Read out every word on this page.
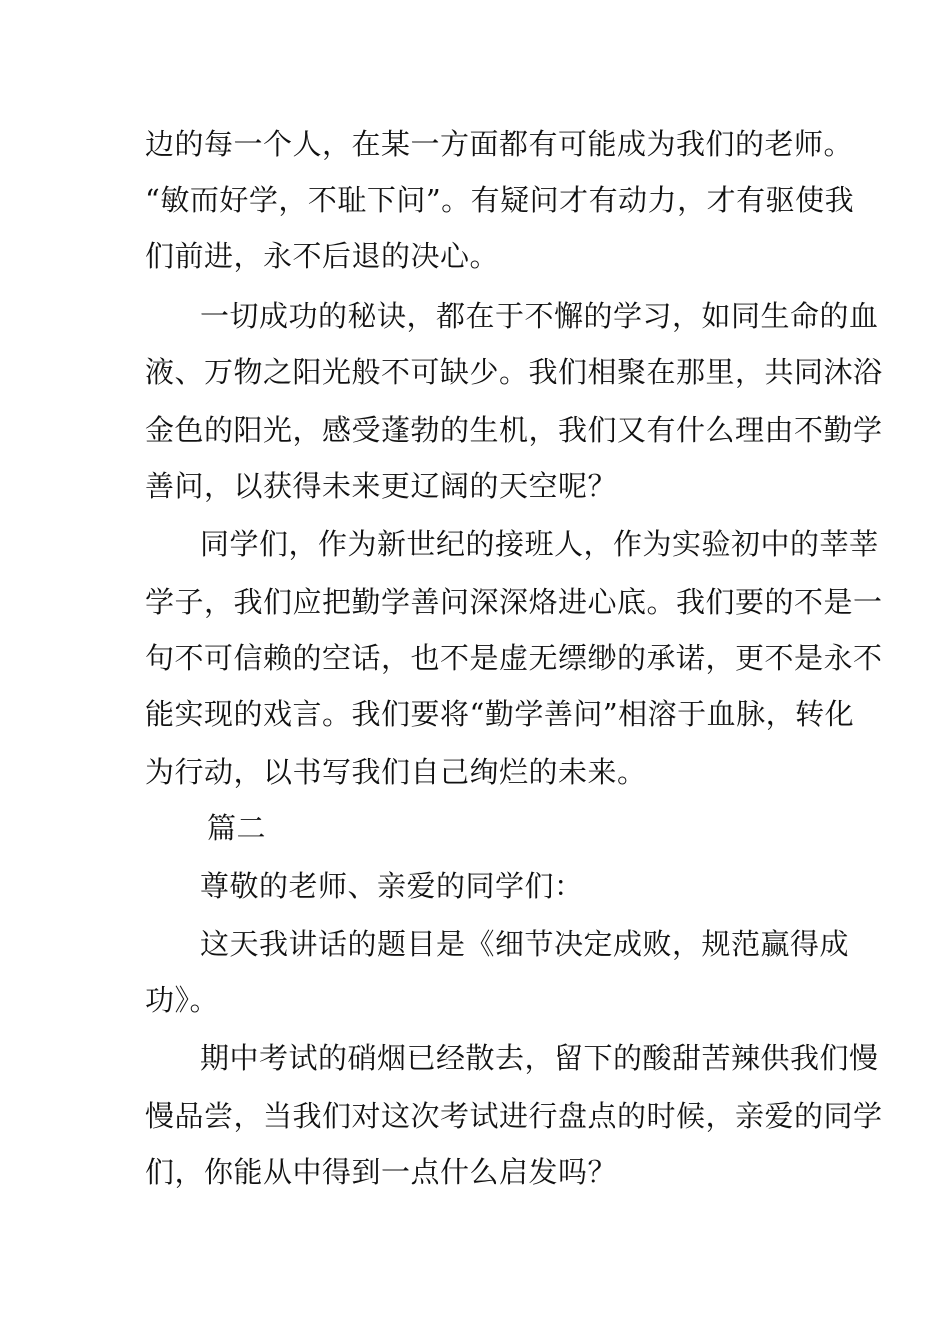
边的每一个人，在某一方面都有可能成为我们的老师。
“敏而好学，不耻下问”。有疑问才有动力，才有驱使我
们前进，永不后退的决心。
一切成功的秘诀，都在于不懈的学习，如同生命的血
液、万物之阳光般不可缺少。我们相聚在那里，共同沐浴
金色的阳光，感受蓬勃的生机，我们又有什么理由不勤学
善问，以获得未来更辽阔的天空呢？
同学们，作为新世纪的接班人，作为实验初中的莘莘
学子，我们应把勤学善问深深烙进心底。我们要的不是一
句不可信赖的空话，也不是虚无缥缈的承诺，更不是永不
能实现的戏言。我们要将“勤学善问”相溶于血脉，转化
为行动，以书写我们自己绚烂的未来。
篇二
尊敬的老师、亲爱的同学们：
这天我讲话的题目是《细节决定成败，规范赢得成
功》。
期中考试的硝烟已经散去，留下的酸甜苦辣供我们慢
慢品尝，当我们对这次考试进行盘点的时候，亲爱的同学
们，你能从中得到一点什么启发吗？
